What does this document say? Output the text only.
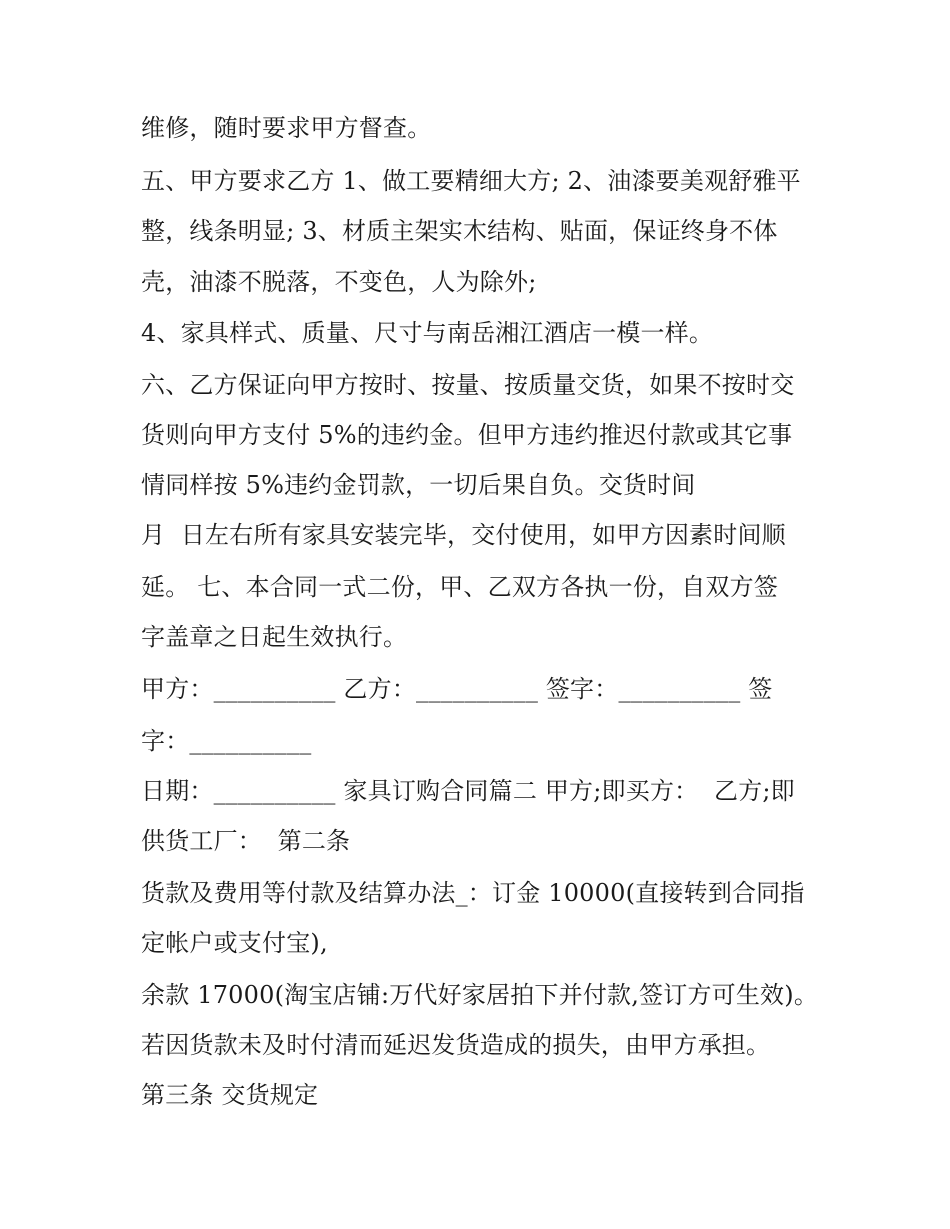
维修，随时要求甲方督查。
五、甲方要求乙方 1、做工要精细大方; 2、油漆要美观舒雅平
整，线条明显; 3、材质主架实木结构、贴面，保证终身不体
壳，油漆不脱落，不变色，人为除外;
4、家具样式、质量、尺寸与南岳湘江酒店一模一样。
六、乙方保证向甲方按时、按量、按质量交货，如果不按时交
货则向甲方支付 5%的违约金。但甲方违约推迟付款或其它事
情同样按 5%违约金罚款，一切后果自负。交货时间
月  日左右所有家具安装完毕，交付使用，如甲方因素时间顺
延。 七、本合同一式二份，甲、乙双方各执一份，自双方签
字盖章之日起生效执行。
甲方：__________ 乙方：__________ 签字：__________ 签
字：__________
日期：__________ 家具订购合同篇二 甲方;即买方：  乙方;即
供货工厂：  第二条
货款及费用等付款及结算办法_：订金 10000(直接转到合同指
定帐户或支付宝),
余款 17000(淘宝店铺:万代好家居拍下并付款,签订方可生效)。
若因货款未及时付清而延迟发货造成的损失，由甲方承担。
第三条 交货规定
